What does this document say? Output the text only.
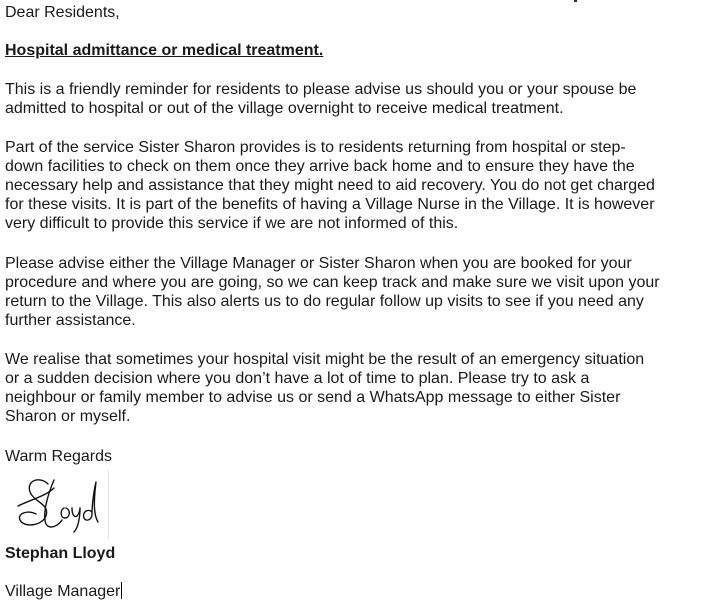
Dear Residents,
Hospital admittance or medical treatment.
This is a friendly reminder for residents to please advise us should you or your spouse be
admitted to hospital or out of the village overnight to receive medical treatment.
Part of the service Sister Sharon provides is to residents returning from hospital or step-
down facilities to check on them once they arrive back home and to ensure they have the
necessary help and assistance that they might need to aid recovery. You do not get charged
for these visits. It is part of the benefits of having a Village Nurse in the Village. It is however
very difficult to provide this service if we are not informed of this.
Please advise either the Village Manager or Sister Sharon when you are booked for your
procedure and where you are going, so we can keep track and make sure we visit upon your
return to the Village. This also alerts us to do regular follow up visits to see if you need any
further assistance.
We realise that sometimes your hospital visit might be the result of an emergency situation
or a sudden decision where you don’t have a lot of time to plan. Please try to ask a
neighbour or family member to advise us or send a WhatsApp message to either Sister
Sharon or myself.
Warm Regards
Stephan Lloyd
Village Manager
